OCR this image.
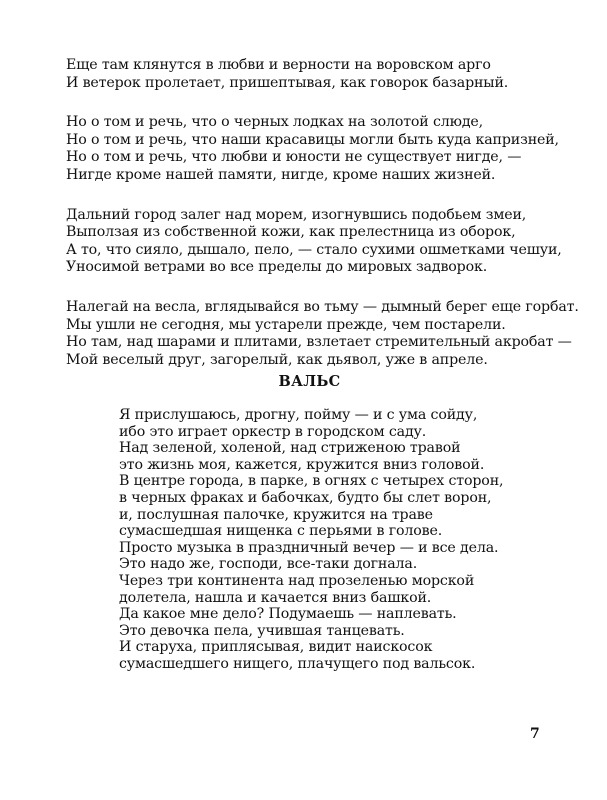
Еще там клянутся в любви и верности на воровском арго
И ветерок пролетает, пришептывая, как говорок базарный.
Но о том и речь, что о черных лодках на золотой слюде,
Но о том и речь, что наши красавицы могли быть куда капризней,
Но о том и речь, что любви и юности не существует нигде, —
Нигде кроме нашей памяти, нигде, кроме наших жизней.
Дальний город залег над морем, изогнувшись подобьем змеи,
Выползая из собственной кожи, как прелестница из оборок,
А то, что сияло, дышало, пело, — стало сухими ошметками чешуи,
Уносимой ветрами во все пределы до мировых задворок.
Налегай на весла, вглядывайся во тьму — дымный берег еще горбат.
Мы ушли не сегодня, мы устарели прежде, чем постарели.
Но там, над шарами и плитами, взлетает стремительный акробат —
Мой веселый друг, загорелый, как дьявол, уже в апреле.
ВАЛЬС
Я прислушаюсь, дрогну, пойму — и с ума сойду,
ибо это играет оркестр в городском саду.
Над зеленой, холеной, над стриженою травой
это жизнь моя, кажется, кружится вниз головой.
В центре города, в парке, в огнях с четырех сторон,
в черных фраках и бабочках, будто бы слет ворон,
и, послушная палочке, кружится на траве
сумасшедшая нищенка с перьями в голове.
Просто музыка в праздничный вечер — и все дела.
Это надо же, господи, все-таки догнала.
Через три континента над прозеленью морской
долетела, нашла и качается вниз башкой.
Да какое мне дело? Подумаешь — наплевать.
Это девочка пела, учившая танцевать.
И старуха, приплясывая, видит наискосок
сумасшедшего нищего, плачущего под вальсок.
7
